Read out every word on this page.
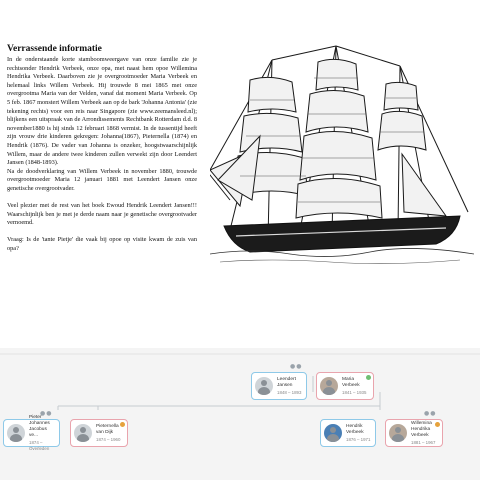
Verrassende informatie

In de onderstaande korte stamboomweergave van onze familie zie je rechtsonder Hendrik Verbeek, onze opa, met naast hem opoe Willemina Hendrika Verbeek. Daarboven zie je overgrootmoeder Maria Verbeek en helemaal links Willem Verbeek. Hij trouwde 8 mei 1865 met onze overgrootma Maria van der Velden, vanaf dat moment Maria Verbeek. Op 5 feb. 1867 monstert Willem Verbeek aan op de bark 'Johanna Antonia' (zie tekening rechts) voor een reis naar Singapore (zie www.zeemansleed.nl); blijkens een uitspraak van de Arrondissements Rechtbank Rotterdam d.d. 8 november1880 is hij sinds 12 februari 1868 vermist. In de tussentijd heeft zijn vrouw drie kinderen gekregen: Johanna(1867), Pieternella (1874) en Hendrik (1876). De vader van Johanna is onzeker, hoogstwaarschijnlijk Willem, maar de andere twee kinderen zullen verwekt zijn door Leendert Jansen (1848-1893).

Na de doodverklaring van Willem Verbeek in november 1880, trouwde overgrootmoeder Maria 12 januari 1881 met Leendert Jansen onze genetische overgrootvader.

Veel plezier met de rest van het boek Ewoud Hendrik Leendert Jansen!!! Waarschijnlijk ben je met je derde naam naar je genetische overgrootvader vernoemd.

Vraag: Is de 'tante Pietje' die vaak bij opoe op visite kwam de zuis van opa?

●●
●●	●●
Leendert Jansen
1848 – 1893
Maria Verbeek
1841 – 1935
Pieter Johannes Jacobus ve...
1874 – Overleden
Pieternella van Dijk
1874 – 1960
Hendrik Verbeek
1876 – 1971
Willemina Hendrika Verbeek
1881 – 1967
